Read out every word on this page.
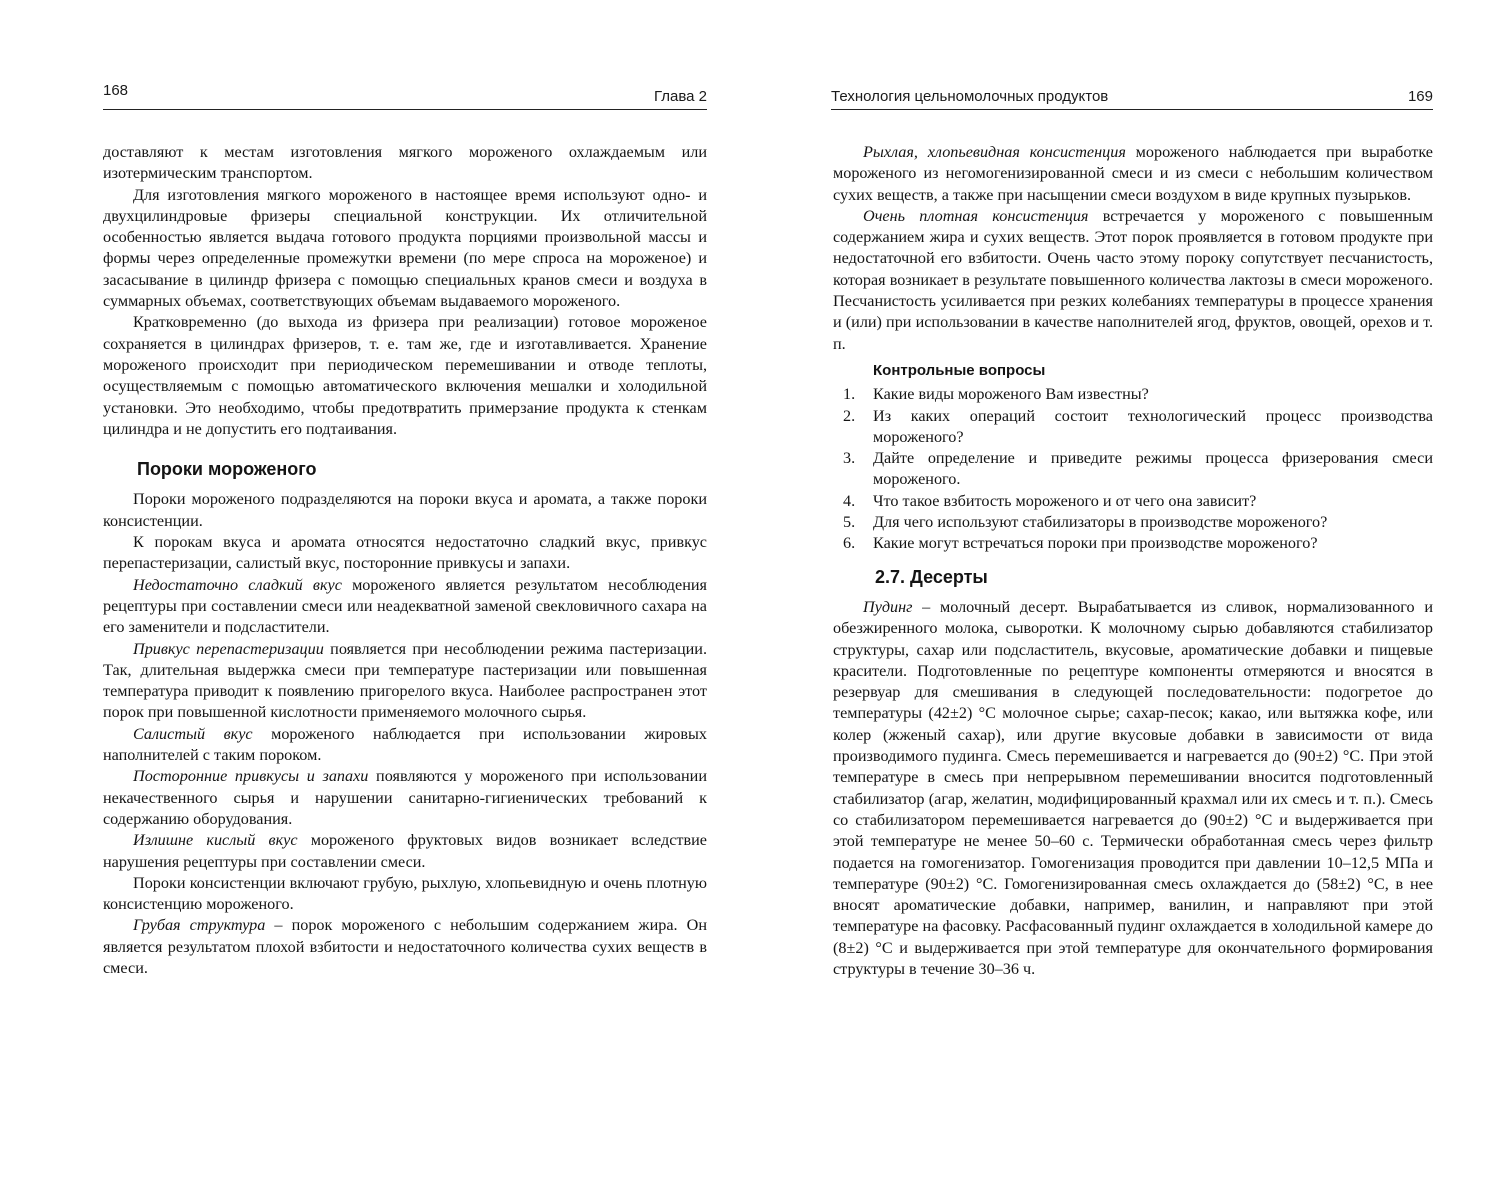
168	Глава 2

доставляют к местам изготовления мягкого мороженого охлаждаемым или изотермическим транспортом.

Для изготовления мягкого мороженого в настоящее время используют одно- и двухцилиндровые фризеры специальной конструкции. Их отличительной особенностью является выдача готового продукта порциями произвольной массы и формы через определенные промежутки времени (по мере спроса на мороженое) и засасывание в цилиндр фризера с помощью специальных кранов смеси и воздуха в суммарных объемах, соответствующих объемам выдаваемого мороженого.

Кратковременно (до выхода из фризера при реализации) готовое мороженое сохраняется в цилиндрах фризеров, т. е. там же, где и изготавливается. Хранение мороженого происходит при периодическом перемешивании и отводе теплоты, осуществляемым с помощью автоматического включения мешалки и холодильной установки. Это необходимо, чтобы предотвратить примерзание продукта к стенкам цилиндра и не допустить его подтаивания.

Пороки мороженого

Пороки мороженого подразделяются на пороки вкуса и аромата, а также пороки консистенции.

К порокам вкуса и аромата относятся недостаточно сладкий вкус, привкус перепастеризации, салистый вкус, посторонние привкусы и запахи.

Недостаточно сладкий вкус мороженого является результатом несоблюдения рецептуры при составлении смеси или неадекватной заменой свекловичного сахара на его заменители и подсластители.

Привкус перепастеризации появляется при несоблюдении режима пастеризации. Так, длительная выдержка смеси при температуре пастеризации или повышенная температура приводит к появлению пригорелого вкуса. Наиболее распространен этот порок при повышенной кислотности применяемого молочного сырья.

Салистый вкус мороженого наблюдается при использовании жировых наполнителей с таким пороком.

Посторонние привкусы и запахи появляются у мороженого при использовании некачественного сырья и нарушении санитарно-гигиенических требований к содержанию оборудования.

Излишне кислый вкус мороженого фруктовых видов возникает вследствие нарушения рецептуры при составлении смеси.

Пороки консистенции включают грубую, рыхлую, хлопьевидную и очень плотную консистенцию мороженого.

Грубая структура – порок мороженого с небольшим содержанием жира. Он является результатом плохой взбитости и недостаточного количества сухих веществ в смеси.

Технология цельномолочных продуктов	169

Рыхлая, хлопьевидная консистенция мороженого наблюдается при выработке мороженого из негомогенизированной смеси и из смеси с небольшим количеством сухих веществ, а также при насыщении смеси воздухом в виде крупных пузырьков.

Очень плотная консистенция встречается у мороженого с повышенным содержанием жира и сухих веществ. Этот порок проявляется в готовом продукте при недостаточной его взбитости. Очень часто этому пороку сопутствует песчанистость, которая возникает в результате повышенного количества лактозы в смеси мороженого. Песчанистость усиливается при резких колебаниях температуры в процессе хранения и (или) при использовании в качестве наполнителей ягод, фруктов, овощей, орехов и т. п.

Контрольные вопросы
1. Какие виды мороженого Вам известны?
2. Из каких операций состоит технологический процесс производства мороженого?
3. Дайте определение и приведите режимы процесса фризерования смеси мороженого.
4. Что такое взбитость мороженого и от чего она зависит?
5. Для чего используют стабилизаторы в производстве мороженого?
6. Какие могут встречаться пороки при производстве мороженого?
2.7. Десерты

Пудинг – молочный десерт. Вырабатывается из сливок, нормализованного и обезжиренного молока, сыворотки. К молочному сырью добавляются стабилизатор структуры, сахар или подсластитель, вкусовые, ароматические добавки и пищевые красители. Подготовленные по рецептуре компоненты отмеряются и вносятся в резервуар для смешивания в следующей последовательности: подогретое до температуры (42±2) °С молочное сырье; сахар-песок; какао, или вытяжка кофе, или колер (жженый сахар), или другие вкусовые добавки в зависимости от вида производимого пудинга. Смесь перемешивается и нагревается до (90±2) °С. При этой температуре в смесь при непрерывном перемешивании вносится подготовленный стабилизатор (агар, желатин, модифицированный крахмал или их смесь и т. п.). Смесь со стабилизатором перемешивается нагревается до (90±2) °С и выдерживается при этой температуре не менее 50–60 с. Термически обработанная смесь через фильтр подается на гомогенизатор. Гомогенизация проводится при давлении 10–12,5 МПа и температуре (90±2) °С. Гомогенизированная смесь охлаждается до (58±2) °С, в нее вносят ароматические добавки, например, ванилин, и направляют при этой температуре на фасовку. Расфасованный пудинг охлаждается в холодильной камере до (8±2) °С и выдерживается при этой температуре для окончательного формирования структуры в течение 30–36 ч.
